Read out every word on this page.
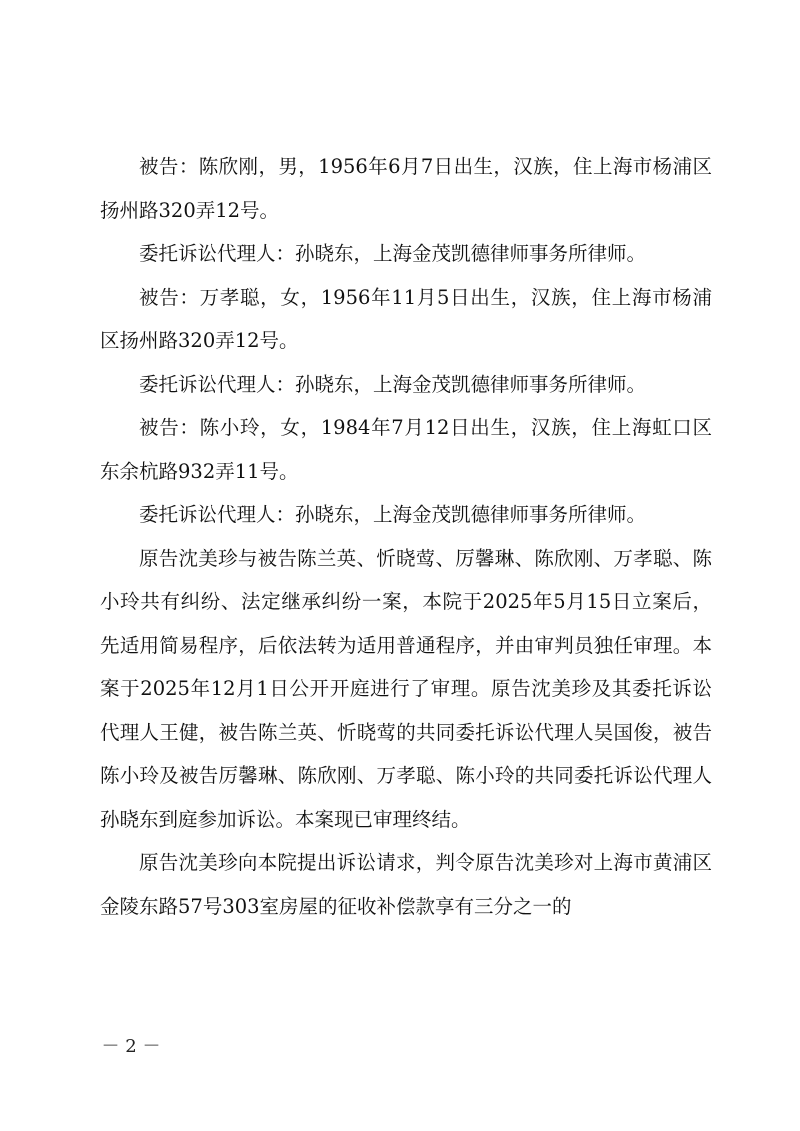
被告：陈欣刚，男，1956年6月7日出生，汉族，住上海市杨浦区扬州路320弄12号。

委托诉讼代理人：孙晓东，上海金茂凯德律师事务所律师。

被告：万孝聪，女，1956年11月5日出生，汉族，住上海市杨浦区扬州路320弄12号。

委托诉讼代理人：孙晓东，上海金茂凯德律师事务所律师。

被告：陈小玲，女，1984年7月12日出生，汉族，住上海虹口区东余杭路932弄11号。

委托诉讼代理人：孙晓东，上海金茂凯德律师事务所律师。

原告沈美珍与被告陈兰英、忻晓莺、厉馨琳、陈欣刚、万孝聪、陈小玲共有纠纷、法定继承纠纷一案，本院于2025年5月15日立案后，先适用简易程序，后依法转为适用普通程序，并由审判员独任审理。本案于2025年12月1日公开开庭进行了审理。原告沈美珍及其委托诉讼代理人王健，被告陈兰英、忻晓莺的共同委托诉讼代理人吴国俊，被告陈小玲及被告厉馨琳、陈欣刚、万孝聪、陈小玲的共同委托诉讼代理人孙晓东到庭参加诉讼。本案现已审理终结。

原告沈美珍向本院提出诉讼请求，判令原告沈美珍对上海市黄浦区金陵东路57号303室房屋的征收补偿款享有三分之一的

－ 2 －
